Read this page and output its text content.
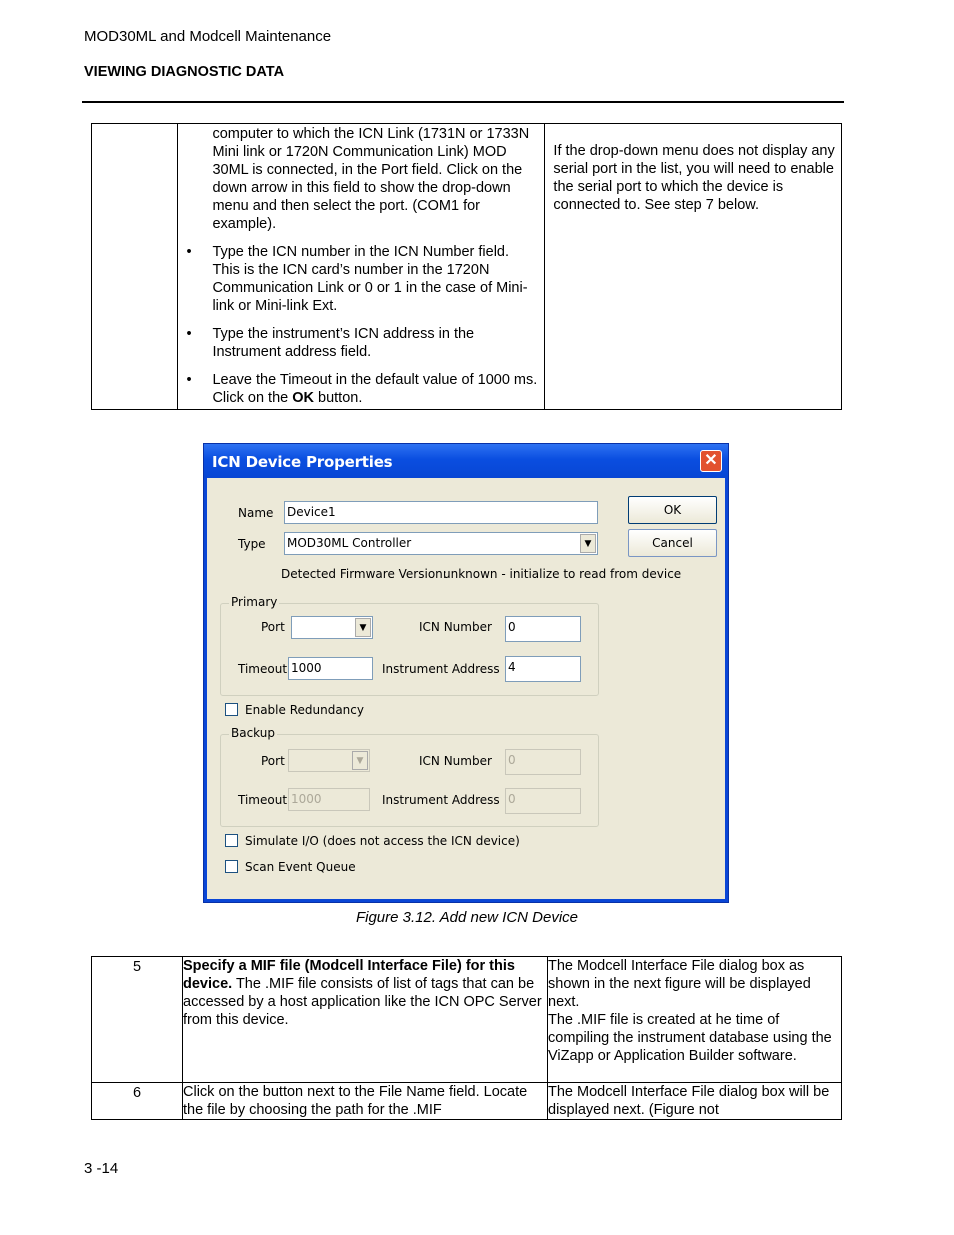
MOD30ML and Modcell Maintenance
VIEWING DIAGNOSTIC DATA

computer to which the ICN Link (1731N or 1733N Mini link or 1720N Communication Link) MOD 30ML is connected, in the Port field. Click on the down arrow in this field to show the drop-down menu and then select the port. (COM1 for example).
•	Type the ICN number in the ICN Number field. This is the ICN card’s number in the 1720N Communication Link or 0 or 1 in the case of Mini-link or Mini-link Ext.
•	Type the instrument’s ICN address in the Instrument address field.
•	Leave the Timeout in the default value of 1000 ms. Click on the OK button.
	If the drop-down menu does not display any serial port in the list, you will need to enable the serial port to which the device is connected to. See step 7 below.
ICN Device Properties	✕
Name Device1
Type MOD30ML Controller	▼
Detected Firmware Version:
unknown - initialize to read from device
OK
Cancel
Primary
Port	▼	ICN Number 0
Timeout 1000	Instrument Address 4
Enable Redundancy
Backup
Port	▼	ICN Number 0
Timeout 1000	Instrument Address 0
Simulate I/O (does not access the ICN device)
Scan Event Queue
Figure 3.12. Add new ICN Device
5	Specify a MIF file (Modcell Interface File) for this device. The .MIF file consists of list of tags that can be accessed by a host application like the ICN OPC Server from this device.	The Modcell Interface File dialog box as shown in the next figure will be displayed next.
The .MIF file is created at he time of compiling the instrument database using the ViZapp or Application Builder software.

6	Click on the button next to the File Name field. Locate the file by choosing the path for the .MIF	The Modcell Interface File dialog box will be displayed next. (Figure not
3 -14
